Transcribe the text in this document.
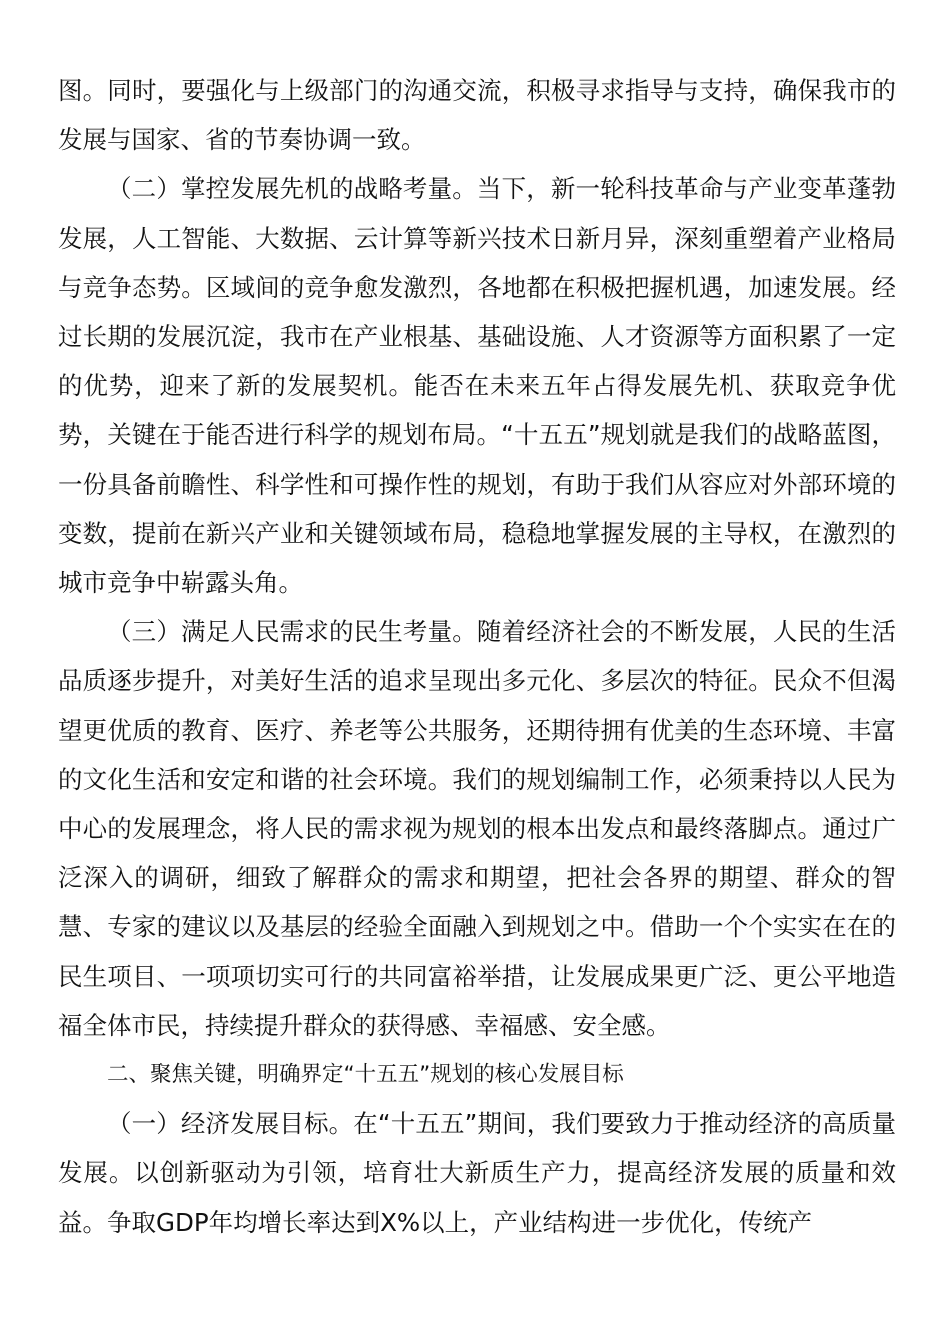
图。同时，要强化与上级部门的沟通交流，积极寻求指导与支持，确保我市的发展与国家、省的节奏协调一致。

（二）掌控发展先机的战略考量。当下，新一轮科技革命与产业变革蓬勃发展，人工智能、大数据、云计算等新兴技术日新月异，深刻重塑着产业格局与竞争态势。区域间的竞争愈发激烈，各地都在积极把握机遇，加速发展。经过长期的发展沉淀，我市在产业根基、基础设施、人才资源等方面积累了一定的优势，迎来了新的发展契机。能否在未来五年占得发展先机、获取竞争优势，关键在于能否进行科学的规划布局。“十五五”规划就是我们的战略蓝图，一份具备前瞻性、科学性和可操作性的规划，有助于我们从容应对外部环境的变数，提前在新兴产业和关键领域布局，稳稳地掌握发展的主导权，在激烈的城市竞争中崭露头角。

（三）满足人民需求的民生考量。随着经济社会的不断发展，人民的生活品质逐步提升，对美好生活的追求呈现出多元化、多层次的特征。民众不但渴望更优质的教育、医疗、养老等公共服务，还期待拥有优美的生态环境、丰富的文化生活和安定和谐的社会环境。我们的规划编制工作，必须秉持以人民为中心的发展理念，将人民的需求视为规划的根本出发点和最终落脚点。通过广泛深入的调研，细致了解群众的需求和期望，把社会各界的期望、群众的智慧、专家的建议以及基层的经验全面融入到规划之中。借助一个个实实在在的民生项目、一项项切实可行的共同富裕举措，让发展成果更广泛、更公平地造福全体市民，持续提升群众的获得感、幸福感、安全感。

二、聚焦关键，明确界定“十五五”规划的核心发展目标

（一）经济发展目标。在“十五五”期间，我们要致力于推动经济的高质量发展。以创新驱动为引领，培育壮大新质生产力，提高经济发展的质量和效益。争取GDP年均增长率达到X%以上，产业结构进一步优化，传统产
